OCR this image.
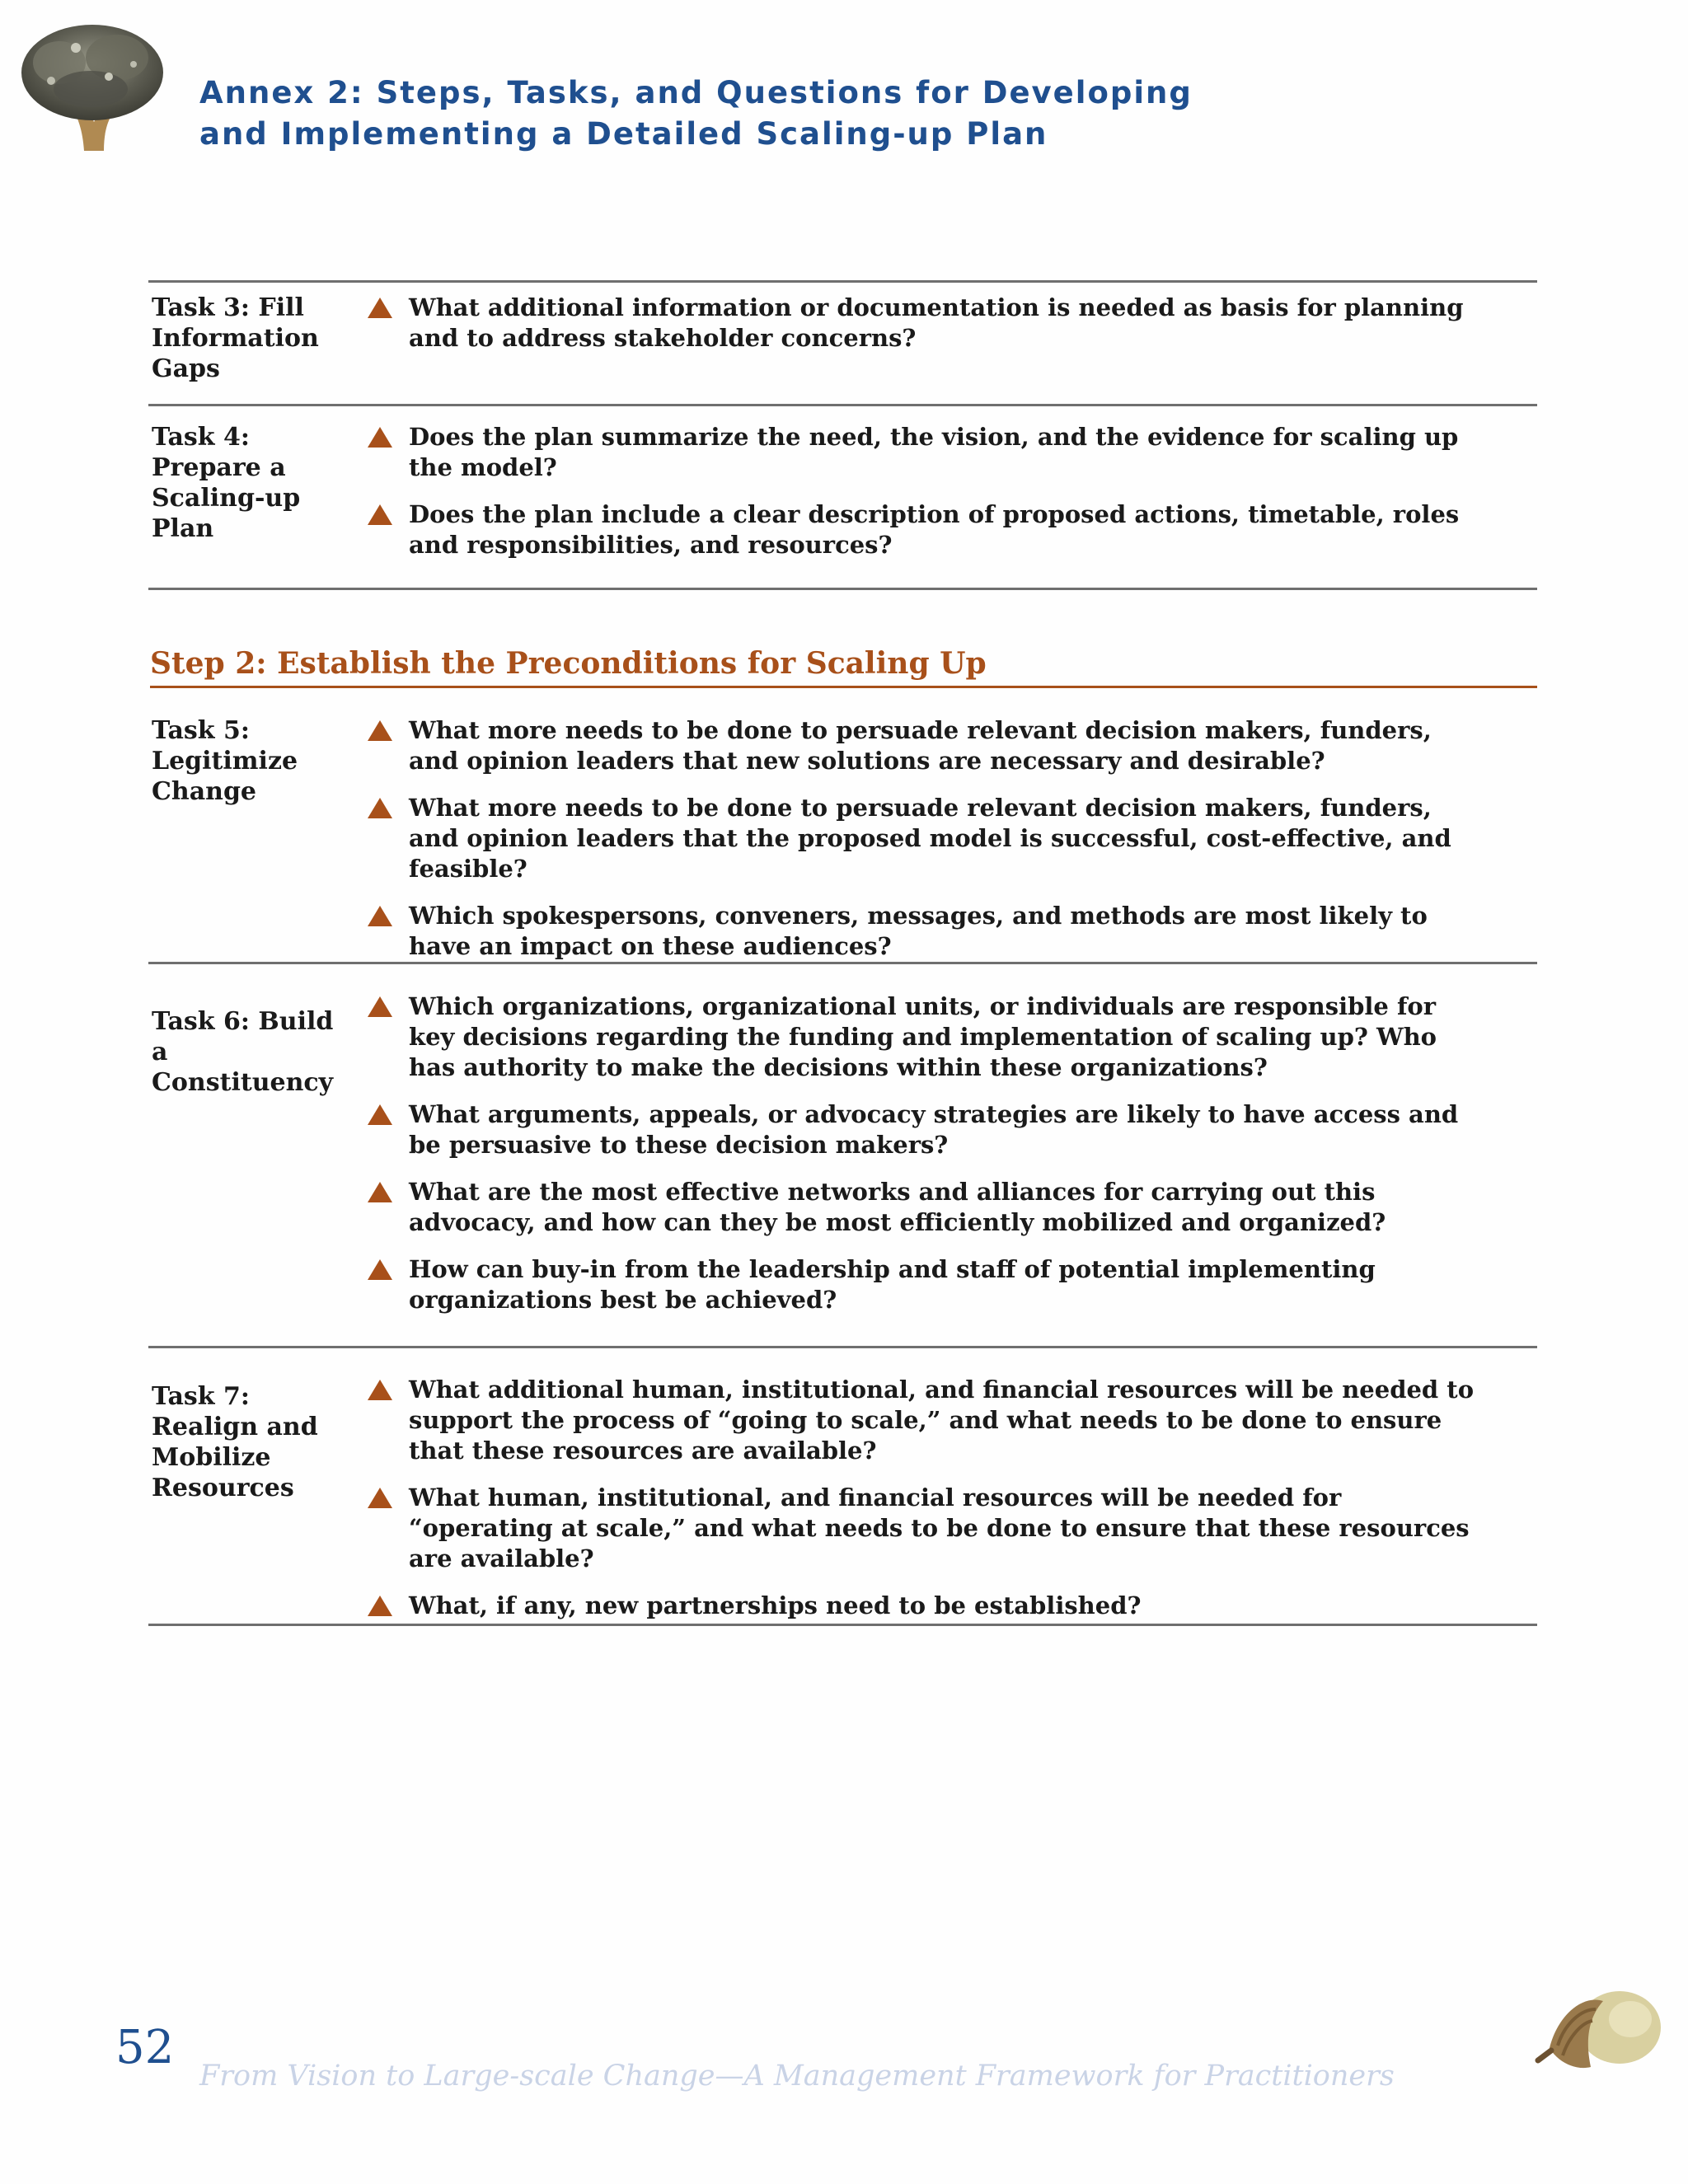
Annex 2: Steps, Tasks, and Questions for Developing
and Implementing a Detailed Scaling-up Plan
Task 3: Fill Information Gaps
What additional information or documentation is needed as basis for planning and to address stakeholder concerns?
Task 4: Prepare a Scaling-up Plan
Does the plan summarize the need, the vision, and the evidence for scaling up the model?
Does the plan include a clear description of proposed actions, timetable, roles and responsibilities, and resources?
Step 2: Establish the Preconditions for Scaling Up
Task 5: Legitimize Change
What more needs to be done to persuade relevant decision makers, funders, and opinion leaders that new solutions are necessary and desirable?
What more needs to be done to persuade relevant decision makers, funders, and opinion leaders that the proposed model is successful, cost-effective, and feasible?
Which spokespersons, conveners, messages, and methods are most likely to have an impact on these audiences?
Task 6: Build a Constituency
Which organizations, organizational units, or individuals are responsible for key decisions regarding the funding and implementation of scaling up? Who has authority to make the decisions within these organizations?
What arguments, appeals, or advocacy strategies are likely to have access and be persuasive to these decision makers?
What are the most effective networks and alliances for carrying out this advocacy, and how can they be most efficiently mobilized and organized?
How can buy-in from the leadership and staff of potential implementing organizations best be achieved?
Task 7: Realign and Mobilize Resources
What additional human, institutional, and financial resources will be needed to support the process of “going to scale,” and what needs to be done to ensure that these resources are available?
What human, institutional, and financial resources will be needed for “operating at scale,” and what needs to be done to ensure that these resources are available?
What, if any, new partnerships need to be established?
52
From Vision to Large-scale Change—A Management Framework for Practitioners
